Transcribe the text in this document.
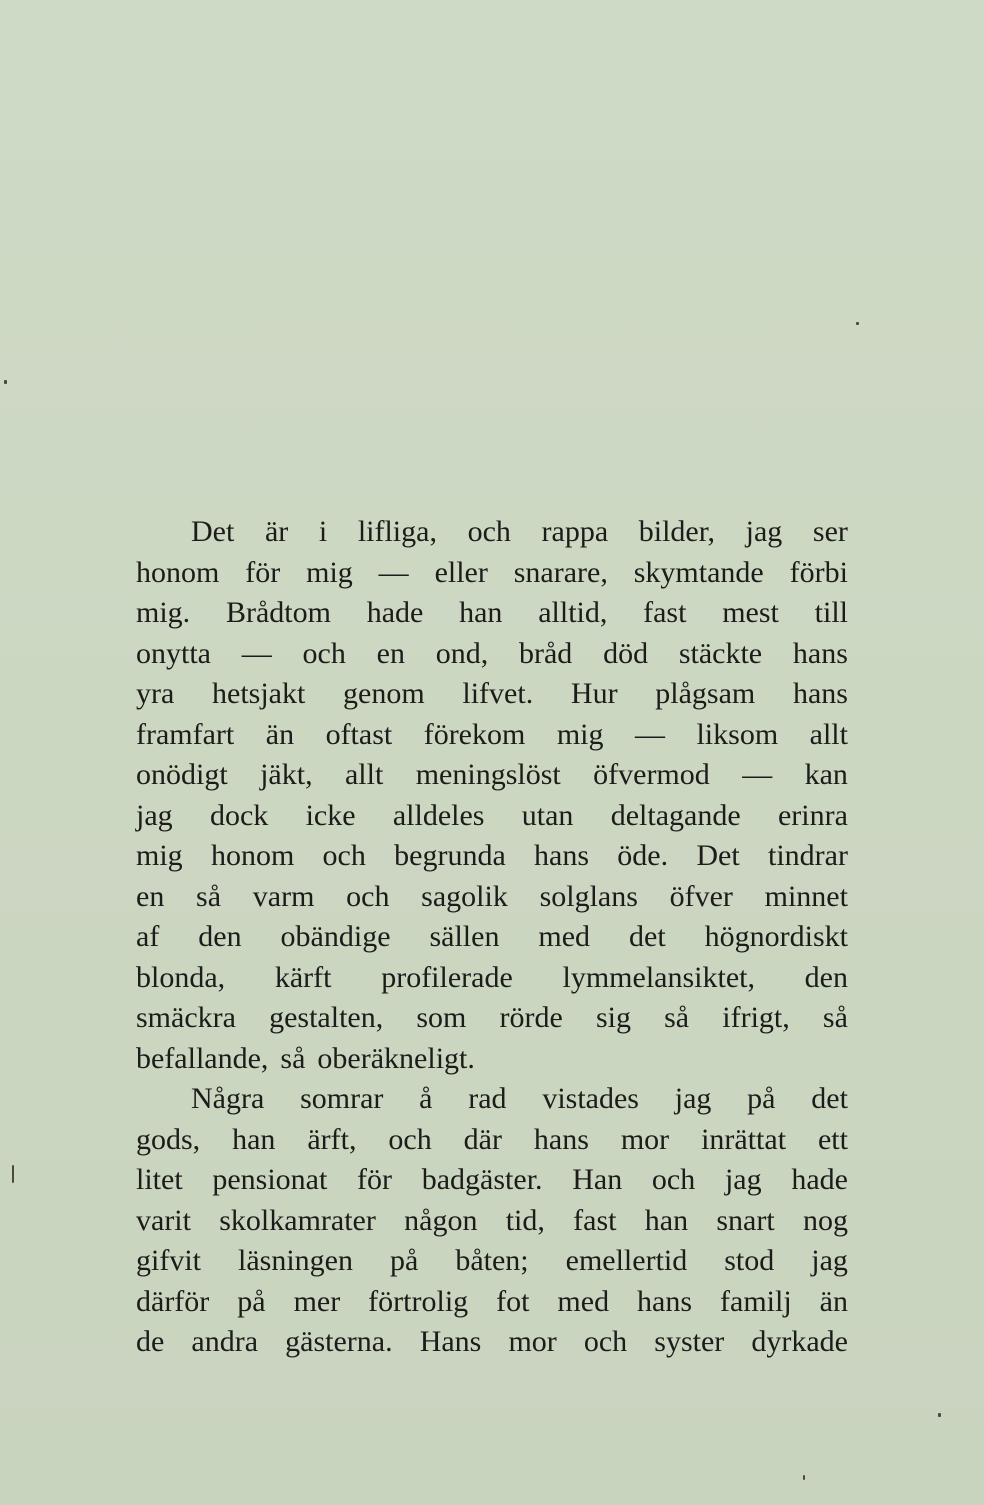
Det är i lifliga, och rappa bilder, jag ser
honom för mig — eller snarare, skymtande förbi
mig. Brådtom hade han alltid, fast mest till
onytta — och en ond, bråd död stäckte hans
yra hetsjakt genom lifvet. Hur plågsam hans
framfart än oftast förekom mig — liksom allt
onödigt jäkt, allt meningslöst öfvermod — kan
jag dock icke alldeles utan deltagande erinra
mig honom och begrunda hans öde. Det tindrar
en så varm och sagolik solglans öfver minnet
af den obändige sällen med det högnordiskt
blonda, kärft profilerade lymmelansiktet, den
smäckra gestalten, som rörde sig så ifrigt, så
befallande, så oberäkneligt.
Några somrar å rad vistades jag på det
gods, han ärft, och där hans mor inrättat ett
litet pensionat för badgäster. Han och jag hade
varit skolkamrater någon tid, fast han snart nog
gifvit läsningen på båten; emellertid stod jag
därför på mer förtrolig fot med hans familj än
de andra gästerna. Hans mor och syster dyrkade
